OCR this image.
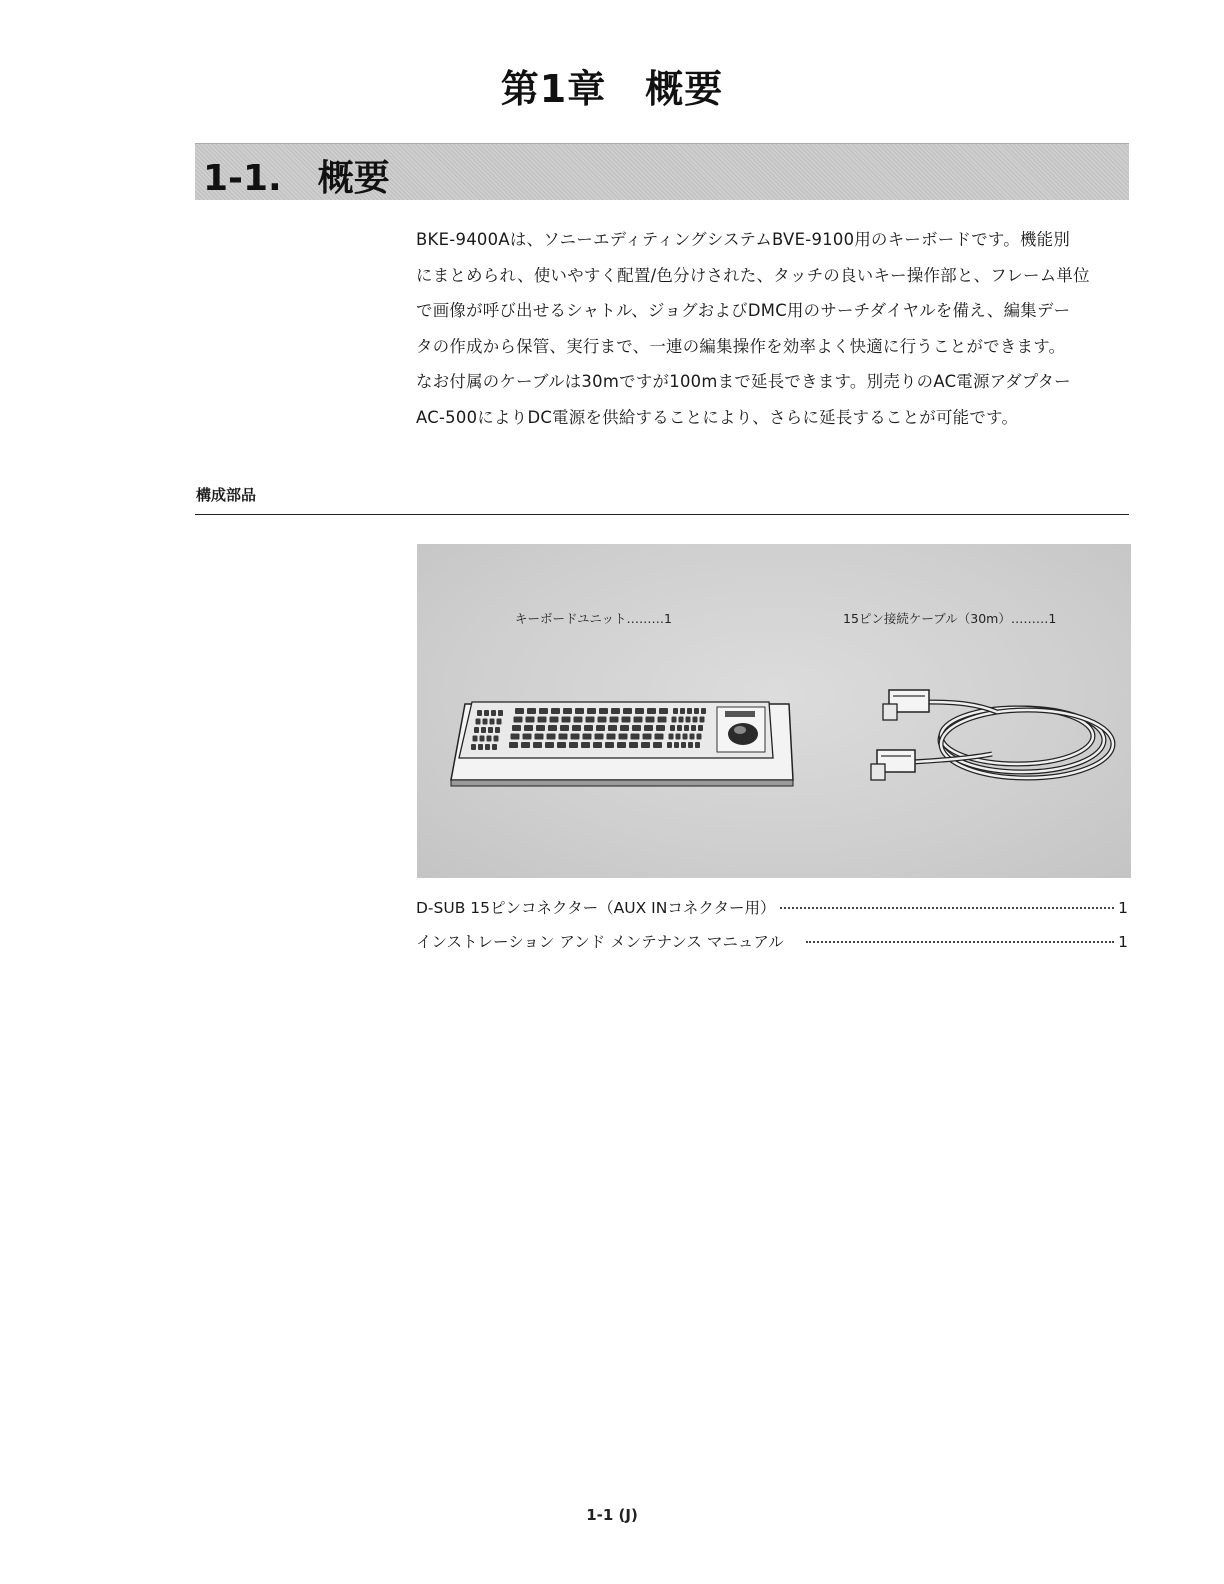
第1章　概要
1-1.　概要
BKE-9400Aは、ソニーエディティングシステムBVE-9100用のキーボードです。機能別
にまとめられ、使いやすく配置/色分けされた、タッチの良いキー操作部と、フレーム単位
で画像が呼び出せるシャトル、ジョグおよびDMC用のサーチダイヤルを備え、編集デー
タの作成から保管、実行まで、一連の編集操作を効率よく快適に行うことができます。
なお付属のケーブルは30mですが100mまで延長できます。別売りのAC電源アダプター
AC-500によりDC電源を供給することにより、さらに延長することが可能です。
構成部品
キーボードユニット………1	15ピン接続ケーブル（30m）………1
D-SUB 15ピンコネクター（AUX INコネクター用）	1
インストレーション アンド メンテナンス マニュアル	1
1-1 (J)
